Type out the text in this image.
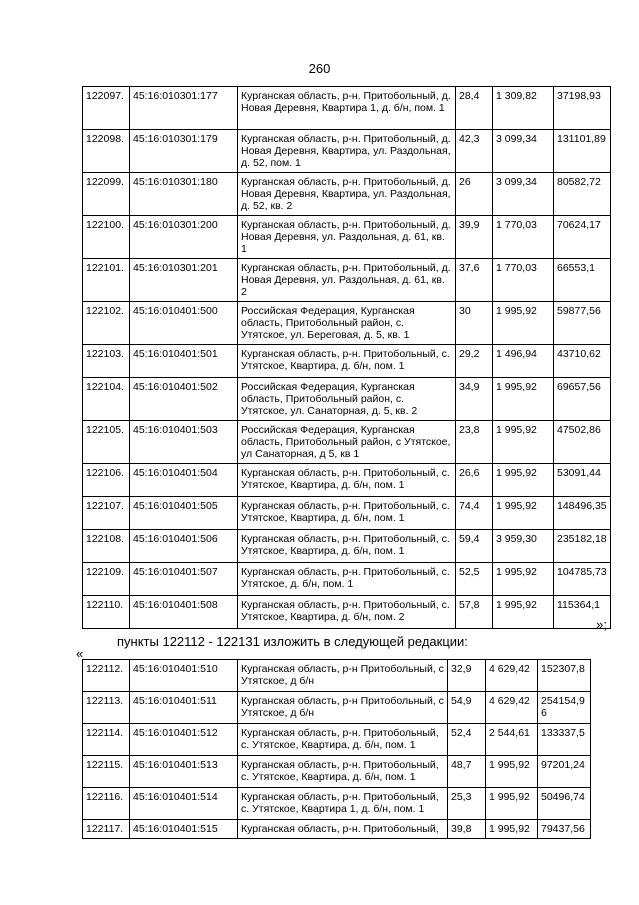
260
122097.	45:16:010301:177	Курганская область, р-н. Притобольный, д. Новая Деревня, Квартира 1, д. б/н, пом. 1	28,4	1 309,82	37198,93
122098.	45:16:010301:179	Курганская область, р-н. Притобольный, д. Новая Деревня, Квартира, ул. Раздольная, д. 52, пом. 1	42,3	3 099,34	131101,89
122099.	45:16:010301:180	Курганская область, р-н. Притобольный, д. Новая Деревня, Квартира, ул. Раздольная, д. 52, кв. 2	26	3 099,34	80582,72
122100.	45:16:010301:200	Курганская область, р-н. Притобольный, д. Новая Деревня, ул. Раздольная, д. 61, кв. 1	39,9	1 770,03	70624,17
122101.	45:16:010301:201	Курганская область, р-н. Притобольный, д. Новая Деревня, ул. Раздольная, д. 61, кв. 2	37,6	1 770,03	66553,1
122102.	45:16:010401:500	Российская Федерация, Курганская область, Притобольный район, с. Утятское, ул. Береговая, д. 5, кв. 1	30	1 995,92	59877,56
122103.	45:16:010401:501	Курганская область, р-н. Притобольный, с. Утятское, Квартира, д. б/н, пом. 1	29,2	1 496,94	43710,62
122104.	45:16:010401:502	Российская Федерация, Курганская область, Притобольный район, с. Утятское, ул. Санаторная, д. 5, кв. 2	34,9	1 995,92	69657,56
122105.	45:16:010401:503	Российская Федерация, Курганская область, Притобольный район, с Утятское, ул Санаторная, д 5, кв 1	23,8	1 995,92	47502,86
122106.	45:16:010401:504	Курганская область, р-н. Притобольный, с. Утятское, Квартира, д. б/н, пом. 1	26,6	1 995,92	53091,44
122107.	45:16:010401:505	Курганская область, р-н. Притобольный, с. Утятское, Квартира, д. б/н, пом. 1	74,4	1 995,92	148496,35
122108.	45:16:010401:506	Курганская область, р-н. Притобольный, с. Утятское, Квартира, д. б/н, пом. 1	59,4	3 959,30	235182,18
122109.	45:16:010401:507	Курганская область, р-н. Притобольный, с. Утятское, д. б/н, пом. 1	52,5	1 995,92	104785,73
122110.	45:16:010401:508	Курганская область, р-н. Притобольный, с. Утятское, Квартира, д. б/н, пом. 2	57,8	1 995,92	115364,1
»;
пункты 122112 - 122131 изложить в следующей редакции:
«
122112.	45:16:010401:510	Курганская область, р-н Притобольный, с Утятское, д б/н	32,9	4 629,42	152307,8
122113.	45:16:010401:511	Курганская область, р-н Притобольный, с Утятское, д б/н	54,9	4 629,42	254154,96
122114.	45:16:010401:512	Курганская область, р-н. Притобольный, с. Утятское, Квартира, д. б/н, пом. 1	52,4	2 544,61	133337,5
122115.	45:16:010401:513	Курганская область, р-н. Притобольный, с. Утятское, Квартира, д. б/н, пом. 1	48,7	1 995,92	97201,24
122116.	45:16:010401:514	Курганская область, р-н. Притобольный, с. Утятское, Квартира 1, д. б/н, пом. 1	25,3	1 995,92	50496,74
122117.	45:16:010401:515	Курганская область, р-н. Притобольный,	39,8	1 995,92	79437,56
